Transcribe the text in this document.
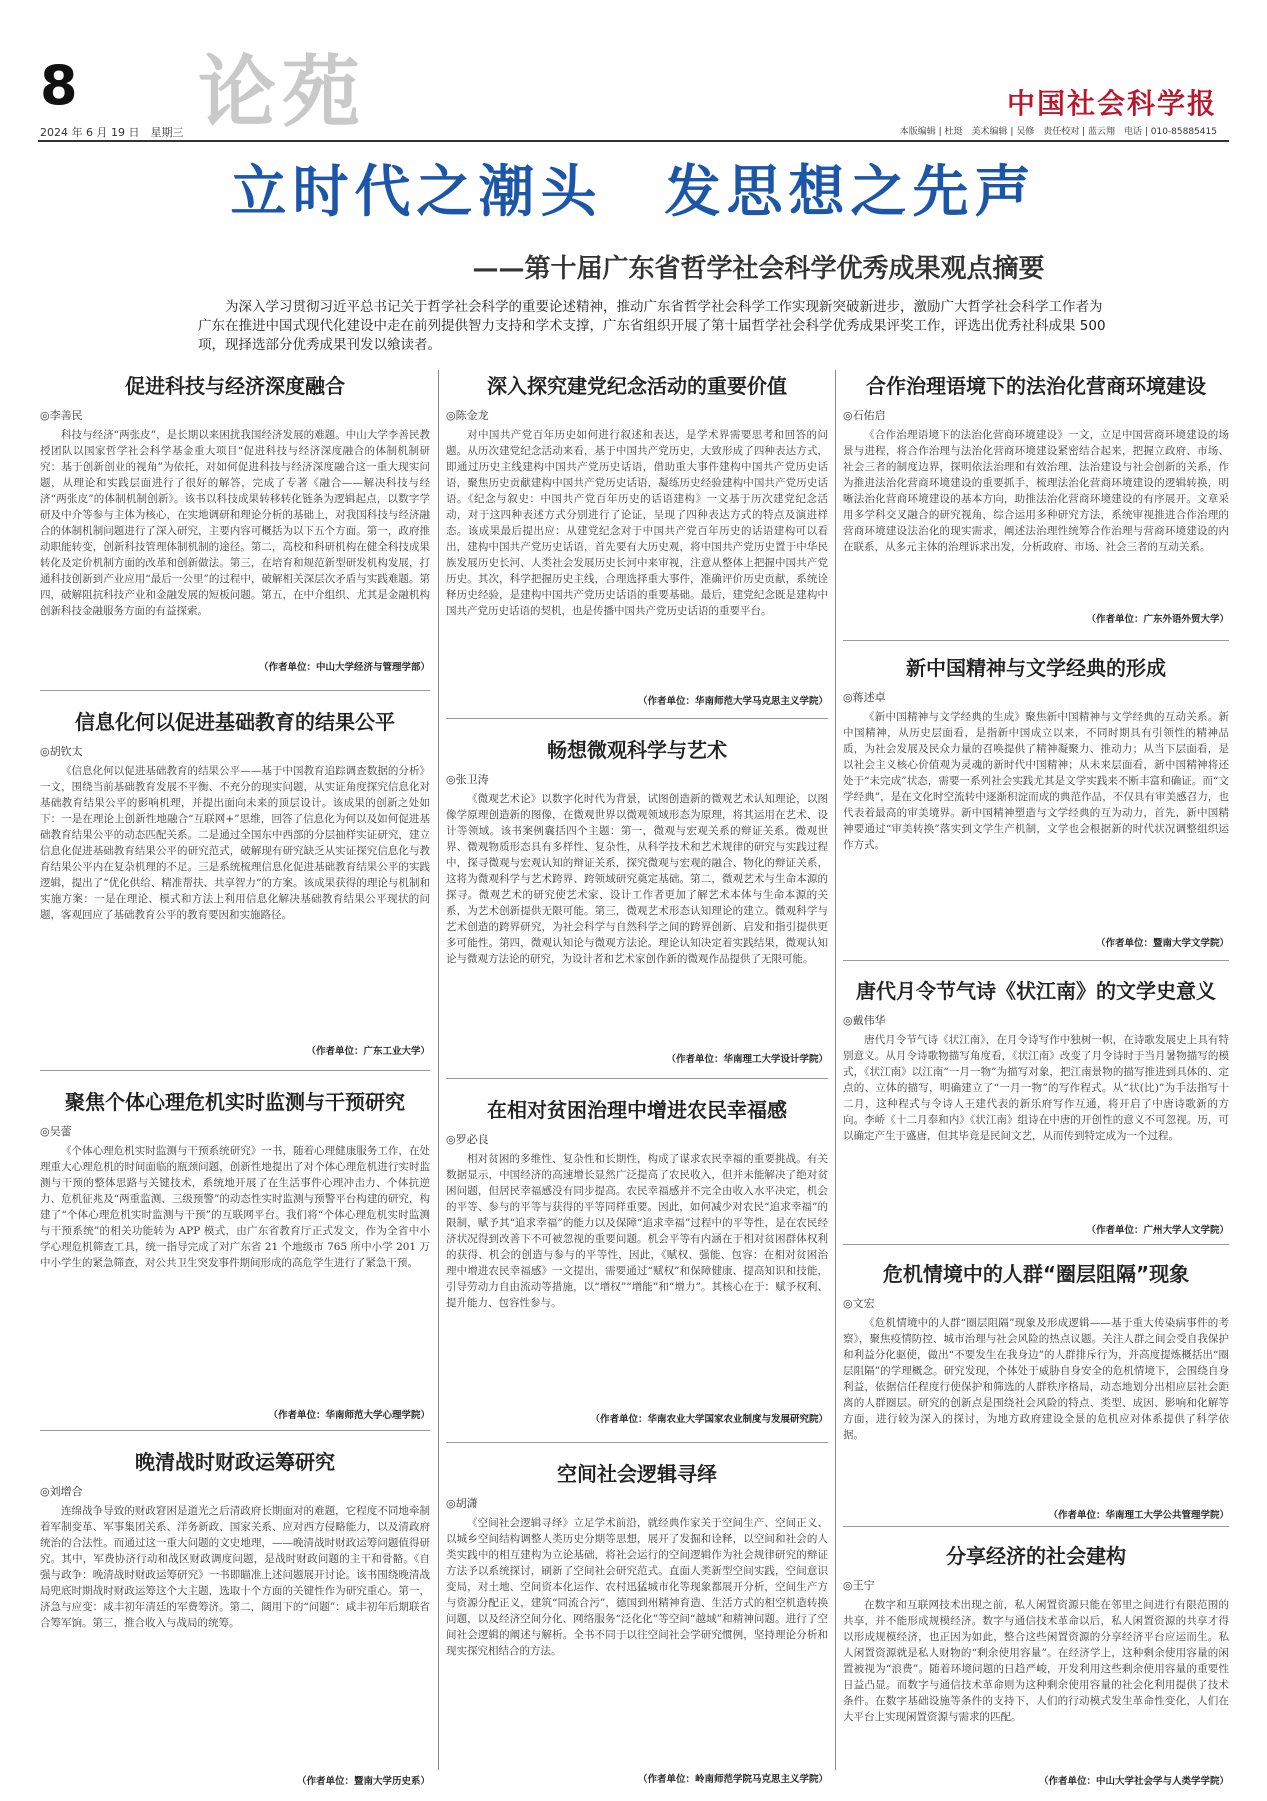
8
2024 年 6 月 19 日　星期三 论苑	中国社会科学报
本版编辑 | 杜珽　美术编辑 | 吴修　责任校对 | 蓝云翔　电话 | 010-85885415
立时代之潮头　发思想之先声
——第十届广东省哲学社会科学优秀成果观点摘要
为深入学习贯彻习近平总书记关于哲学社会科学的重要论述精神，推动广东省哲学社会科学工作实现新突破新进步，激励广大哲学社会科学工作者为广东在推进中国式现代化建设中走在前列提供智力支持和学术支撑，广东省组织开展了第十届哲学社会科学优秀成果评奖工作，评选出优秀社科成果 500 项，现择选部分优秀成果刊发以飨读者。
促进科技与经济深度融合
◎李善民

科技与经济“两张皮”，是长期以来困扰我国经济发展的难题。中山大学李善民教授团队以国家哲学社会科学基金重大项目“促进科技与经济深度融合的体制机制研究：基于创新创业的视角”为依托，对如何促进科技与经济深度融合这一重大现实问题，从理论和实践层面进行了很好的解答，完成了专著《融合——解决科技与经济“两张皮”的体制机制创新》。该书以科技成果转移转化链条为逻辑起点，以数字学研及中介等参与主体为核心，在实地调研和理论分析的基础上，对我国科技与经济融合的体制机制问题进行了深入研究，主要内容可概括为以下五个方面。第一，政府推动职能转变，创新科技管理体制机制的途径。第二，高校和科研机构在健全科技成果转化及定价机制方面的改革和创新做法。第三，在培育和规范新型研发机构发展，打通科技创新到产业应用“最后一公里”的过程中，破解相关深层次矛盾与实践难题。第四，破解阻抗科技产业和金融发展的短板问题。第五，在中介组织、尤其是金融机构创新科技金融服务方面的有益探索。

（作者单位：中山大学经济与管理学部）
信息化何以促进基础教育的结果公平
◎胡钦太

《信息化何以促进基础教育的结果公平——基于中国教育追踪调查数据的分析》一文，围绕当前基础教育发展不平衡、不充分的现实问题，从实证角度探究信息化对基础教育结果公平的影响机理，并提出面向未来的顶层设计。该成果的创新之处如下：一是在理论上创新性地融合“互联网+”思维，回答了信息化为何以及如何促进基础教育结果公平的动态匹配关系。二是通过全国东中西部的分层抽样实证研究，建立信息化促进基础教育结果公平的研究范式，破解现有研究缺乏从实证探究信息化与教育结果公平内在复杂机理的不足。三是系统梳理信息化促进基础教育结果公平的实践逻辑，提出了“优化供给、精准帮扶、共享智力”的方案。该成果获得的理论与机制和实施方案：一是在理论、模式和方法上利用信息化解决基础教育结果公平现状的问题，客观回应了基础教育公平的教育要因和实施路径。

（作者单位：广东工业大学）
聚焦个体心理危机实时监测与干预研究
◎吴蕾

《个体心理危机实时监测与干预系统研究》一书，随着心理健康服务工作，在处理重大心理危机的时间面临的瓶颈问题，创新性地提出了对个体心理危机进行实时监测与干预的整体思路与关键技术，系统地开展了在生活事件心理冲击力、个体抗逆力、危机征兆及“两重监测、三级预警”的动态性实时监测与预警平台构建的研究，构建了“个体心理危机实时监测与干预”的互联网平台。我们将“个体心理危机实时监测与干预系统”的相关功能转为 APP 模式，由广东省教育厅正式发文，作为全省中小学心理危机筛查工具，统一指导完成了对广东省 21 个地级市 765 所中小学 201 万中小学生的紧急筛查，对公共卫生突发事件期间形成的高危学生进行了紧急干预。

（作者单位：华南师范大学心理学院）
晚清战时财政运筹研究
◎刘增合

连绵战争导致的财政窘困是道光之后清政府长期面对的难题，它程度不同地牵制着军制变革、军事集团关系、洋务新政、国家关系、应对西方侵略能力，以及清政府统治的合法性。而通过这一重大问题的文史地理，——晚清战时财政运筹问题值得研究。其中，军费协济行动和战区财政调度问题，是战时财政问题的主干和骨骼。《自强与政争：晚清战时财政运筹研究》一书即瞄准上述问题展开讨论。该书围绕晚清战局兜底时期战时财政运筹这个大主题，选取十个方面的关键性作为研究重心。第一，济急与应变：咸丰初年清廷的军费筹济。第二，阔用下的“问题”：咸丰初年后期联省合筹军饷。第三，推合收入与战局的统筹。

（作者单位：暨南大学历史系）
深入探究建党纪念活动的重要价值
◎陈金龙

对中国共产党百年历史如何进行叙述和表达，是学术界需要思考和回答的问题。从历次建党纪念活动来看，基于中国共产党历史，大致形成了四种表达方式，即通过历史主线建构中国共产党历史话语，借助重大事件建构中国共产党历史话语，聚焦历史贡献建构中国共产党历史话语，凝练历史经验建构中国共产党历史话语。《纪念与叙史：中国共产党百年历史的话语建构》一文基于历次建党纪念活动，对于这四种表述方式分别进行了论证，呈现了四种表达方式的特点及演进样态。该成果最后提出应：从建党纪念对于中国共产党百年历史的话语建构可以看出，建构中国共产党历史话语，首先要有大历史观，将中国共产党历史置于中华民族发展历史长河、人类社会发展历史长河中来审视，注意从整体上把握中国共产党历史。其次，科学把握历史主线，合理选择重大事件，准确评价历史贡献，系统诠释历史经验，是建构中国共产党历史话语的重要基础。最后，建党纪念既是建构中国共产党历史话语的契机，也是传播中国共产党历史话语的重要平台。

（作者单位：华南师范大学马克思主义学院）
畅想微观科学与艺术
◎张卫涛

《微观艺术论》以数字化时代为背景，试图创造新的微观艺术认知理论，以图像学原理创造新的图像，在微观世界以微观领域形态为原理，将其运用在艺术、设计等领域。该书案例囊括四个主题：第一，微观与宏观关系的辩证关系。微观世界、微观物质形态具有多样性、复杂性，从科学技术和艺术规律的研究与实践过程中，探寻微观与宏观认知的辩证关系，探究微观与宏观的融合、物化的辩证关系，这将为微观科学与艺术跨界、跨领域研究奠定基础。第二，微观艺术与生命本源的探寻。微观艺术的研究使艺术家、设计工作者更加了解艺术本体与生命本源的关系，为艺术创新提供无限可能。第三，微观艺术形态认知理论的建立。微观科学与艺术创造的跨界研究，为社会科学与自然科学之间的跨界创新、启发和指引提供更多可能性。第四，微观认知论与微观方法论。理论认知决定着实践结果，微观认知论与微观方法论的研究，为设计者和艺术家创作新的微观作品提供了无限可能。

（作者单位：华南理工大学设计学院）
在相对贫困治理中增进农民幸福感
◎罗必良

相对贫困的多维性、复杂性和长期性，构成了谋求农民幸福的重要挑战。有关数据显示，中国经济的高速增长显然广泛提高了农民收入，但并未能解决了绝对贫困问题，但居民幸福感没有同步提高。农民幸福感并不完全由收入水平决定，机会的平等、参与的平等与获得的平等同样重要。因此，如何减少对农民“追求幸福”的限制，赋予其“追求幸福”的能力以及保障“追求幸福”过程中的平等性，是在农民经济状况得到改善下不可被忽视的重要问题。机会平等有内涵在于相对贫困群体权利的获得、机会的创造与参与的平等性，因此，《赋权、强能、包容：在相对贫困治理中增进农民幸福感》一文提出，需要通过“赋权”和保障健康、提高知识和技能，引导劳动力自由流动等措施，以“增权”“增能”和“增力”。其核心在于：赋予权利、提升能力、包容性参与。

（作者单位：华南农业大学国家农业制度与发展研究院）
空间社会逻辑寻绎
◎胡潇

《空间社会逻辑寻绎》立足学术前沿，就经典作家关于空间生产、空间正义、以城乡空间结构调整人类历史分期等思想，展开了发掘和诠释，以空间和社会的人类实践中的相互建构为立论基础，将社会运行的空间逻辑作为社会规律研究的辩证方法予以系统探讨，刷新了空间社会研究范式。直面人类新型空间实践，空间意识变局，对土地、空间资本化运作、农村迅猛城市化等现象都展开分析，空间生产方与资源分配正义，建筑“同流合污”，德国到州精神育造、生活方式的相空机造转换问题，以及经济空间分化、网络服务“泛化化”等空间“越域”和精神问题。进行了空间社会逻辑的阐述与解析。全书不同于以往空间社会学研究惯例，坚持理论分析和现实探究相结合的方法。

（作者单位：岭南师范学院马克思主义学院）
合作治理语境下的法治化营商环境建设
◎石佑启

《合作治理语境下的法治化营商环境建设》一文，立足中国营商环境建设的场景与进程，将合作治理与法治化营商环境建设紧密结合起来，把握立政府、市场、社会三者的制度边界，探明依法治理和有效治理、法治建设与社会创新的关系，作为推进法治化营商环境建设的重要抓手，梳理法治化营商环境建设的逻辑转换，明晰法治化营商环境建设的基本方向，助推法治化营商环境建设的有序展开。文章采用多学科交叉融合的研究视角，综合运用多种研究方法，系统审视推进合作治理的营商环境建设法治化的现实需求，阐述法治理性统筹合作治理与营商环境建设的内在联系，从多元主体的治理诉求出发，分析政府、市场、社会三者的互动关系。

（作者单位：广东外语外贸大学）
新中国精神与文学经典的形成
◎蒋述卓

《新中国精神与文学经典的生成》聚焦新中国精神与文学经典的互动关系。新中国精神，从历史层面看，是指新中国成立以来，不同时期具有引领性的精神品质，为社会发展及民众力量的召唤提供了精神凝聚力、推动力；从当下层面看，是以社会主义核心价值观为灵魂的新时代中国精神；从未来层面看，新中国精神将还处于“未完成”状态，需要一系列社会实践尤其是文学实践来不断丰富和确证。而“文学经典”，是在文化时空流转中逐渐积淀而成的典范作品，不仅具有审美感召力，也代表着最高的审美境界。新中国精神塑造与文学经典的互为动力，首先，新中国精神要通过“审美转换”落实到文学生产机制，文学也会根据新的时代状况调整组织运作方式。

（作者单位：暨南大学文学院）
唐代月令节气诗《状江南》的文学史意义
◎戴伟华

唐代月令节气诗《状江南》，在月令诗写作中独树一帜，在诗歌发展史上具有特别意义。从月令诗歌物描写角度看，《状江南》改变了月令诗时于当月暑物描写的模式，《状江南》以江南“一月一物”为描写对象，把江南景物的描写推进到具体的、定点的、立体的描写，明确建立了“一月一物”的写作程式。从“状(比)”为手法指写十二月，这种程式与令诗人王建代表的新乐府写作互通，将开启了中唐诗歌新的方向。李峤《十二月奉和内》《状江南》组诗在中唐的开创性的意义不可忽视。历，可以确定产生于盛唐，但其毕竟是民间文艺，从而传到特定成为一个过程。

（作者单位：广州大学人文学院）
危机情境中的人群“圈层阻隔”现象
◎文宏

《危机情境中的人群“圈层阻隔”现象及形成逻辑——基于重大传染病事件的考察》，聚焦疫情防控、城市治理与社会风险的热点议题。关注人群之间会受自我保护和利益分化驱使，做出“不要发生在我身边”的人群排斥行为，并高度提炼概括出“圈层阻隔”的学理概念。研究发现，个体处于威胁自身安全的危机情境下，会围绕自身利益，依据信任程度行使保护和筛选的人群秩序格局，动态地划分出相应层社会距离的人群圈层。研究的创新点是围绕社会风险的特点、类型、成因、影响和化解等方面，进行较为深入的探讨，为地方政府建设全景的危机应对体系提供了科学依据。

（作者单位：华南理工大学公共管理学院）
分享经济的社会建构
◎王宁

在数字和互联网技术出现之前，私人闲置资源只能在邻里之间进行有限范围的共享，并不能形成规模经济。数字与通信技术革命以后，私人闲置资源的共享才得以形成规模经济，也正因为如此，整合这些闲置资源的分享经济平台应运而生。私人闲置资源就是私人财物的“剩余使用容量”。在经济学上，这种剩余使用容量的闲置被视为“浪费”。随着环境问题的日趋严峻，开发利用这些剩余使用容量的重要性日益凸显。而数字与通信技术革命则为这种剩余使用容量的社会化利用提供了技术条件。在数字基础设施等条件的支持下，人们的行动模式发生革命性变化，人们在大平台上实现闲置资源与需求的匹配。

（作者单位：中山大学社会学与人类学学院）
